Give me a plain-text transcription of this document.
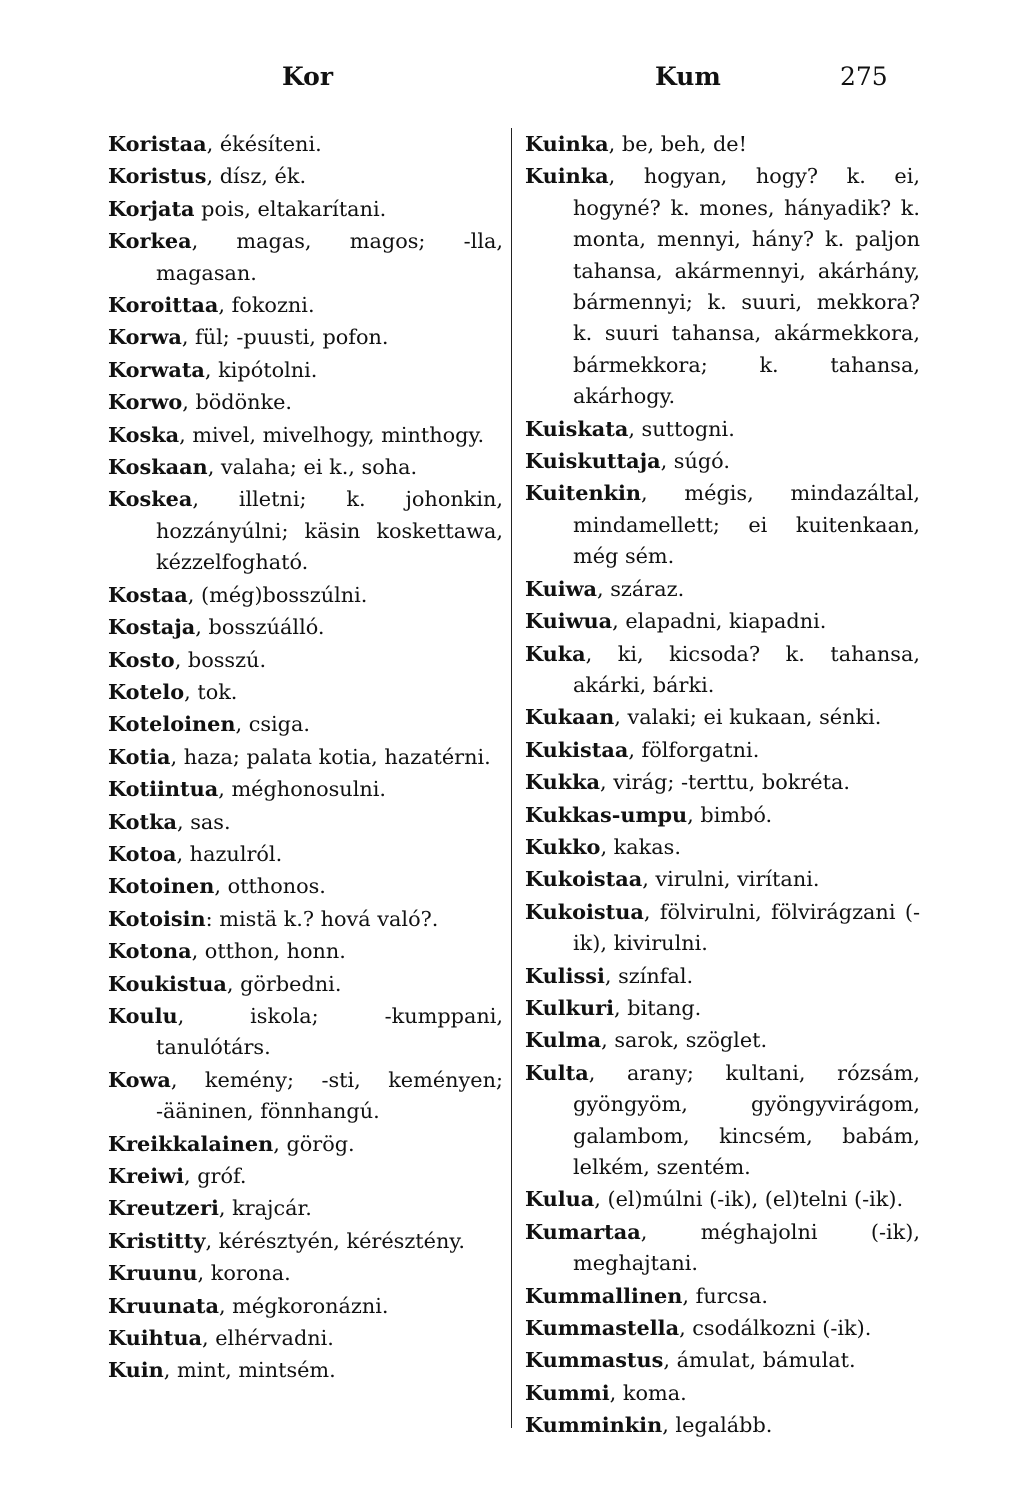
Kor	Kum	275

Koristaa, ékésíteni.

Koristus, dísz, ék.

Korjata pois, eltakarítani.

Korkea, magas, magos; -lla, magasan.

Koroittaa, fokozni.

Korwa, fül; -puusti, pofon.

Korwata, kipótolni.

Korwo, bödönke.

Koska, mivel, mivelhogy, minthogy.

Koskaan, valaha; ei k., soha.

Koskea, illetni; k. johonkin, hozzányúlni; käsin koskettawa, kézzelfogható.

Kostaa, (még)bosszúlni.

Kostaja, bosszúálló.

Kosto, bosszú.

Kotelo, tok.

Koteloinen, csiga.

Kotia, haza; palata kotia, hazatérni.

Kotiintua, méghonosulni.

Kotka, sas.

Kotoa, hazulról.

Kotoinen, otthonos.

Kotoisin: mistä k.? hová való?.

Kotona, otthon, honn.

Koukistua, görbedni.

Koulu, iskola; -kumppani, tanulótárs.

Kowa, kemény; -sti, keményen; -ääninen, fönnhangú.

Kreikkalainen, görög.

Kreiwi, gróf.

Kreutzeri, krajcár.

Kristitty, kérésztyén, kérésztény.

Kruunu, korona.

Kruunata, mégkoronázni.

Kuihtua, elhérvadni.

Kuin, mint, mintsém.

Kuinka, be, beh, de!

Kuinka, hogyan, hogy? k. ei, hogyné? k. mones, hányadik? k. monta, mennyi, hány? k. paljon tahansa, akármennyi, akárhány, bármennyi; k. suuri, mekkora? k. suuri tahansa, akármekkora, bármekkora; k. tahansa, akárhogy.

Kuiskata, suttogni.

Kuiskuttaja, súgó.

Kuitenkin, mégis, mindazáltal, mindamellett; ei kuitenkaan, még sém.

Kuiwa, száraz.

Kuiwua, elapadni, kiapadni.

Kuka, ki, kicsoda? k. tahansa, akárki, bárki.

Kukaan, valaki; ei kukaan, sénki.

Kukistaa, fölforgatni.

Kukka, virág; -terttu, bokréta.

Kukkas-umpu, bimbó.

Kukko, kakas.

Kukoistaa, virulni, virítani.

Kukoistua, fölvirulni, fölvirágzani (-ik), kivirulni.

Kulissi, színfal.

Kulkuri, bitang.

Kulma, sarok, szöglet.

Kulta, arany; kultani, rózsám, gyöngyöm, gyöngyvirágom, galambom, kincsém, babám, lelkém, szentém.

Kulua, (el)múlni (-ik), (el)telni (-ik).

Kumartaa, méghajolni (-ik), meghajtani.

Kummallinen, furcsa.

Kummastella, csodálkozni (-ik).

Kummastus, ámulat, bámulat.

Kummi, koma.

Kumminkin, legalább.
